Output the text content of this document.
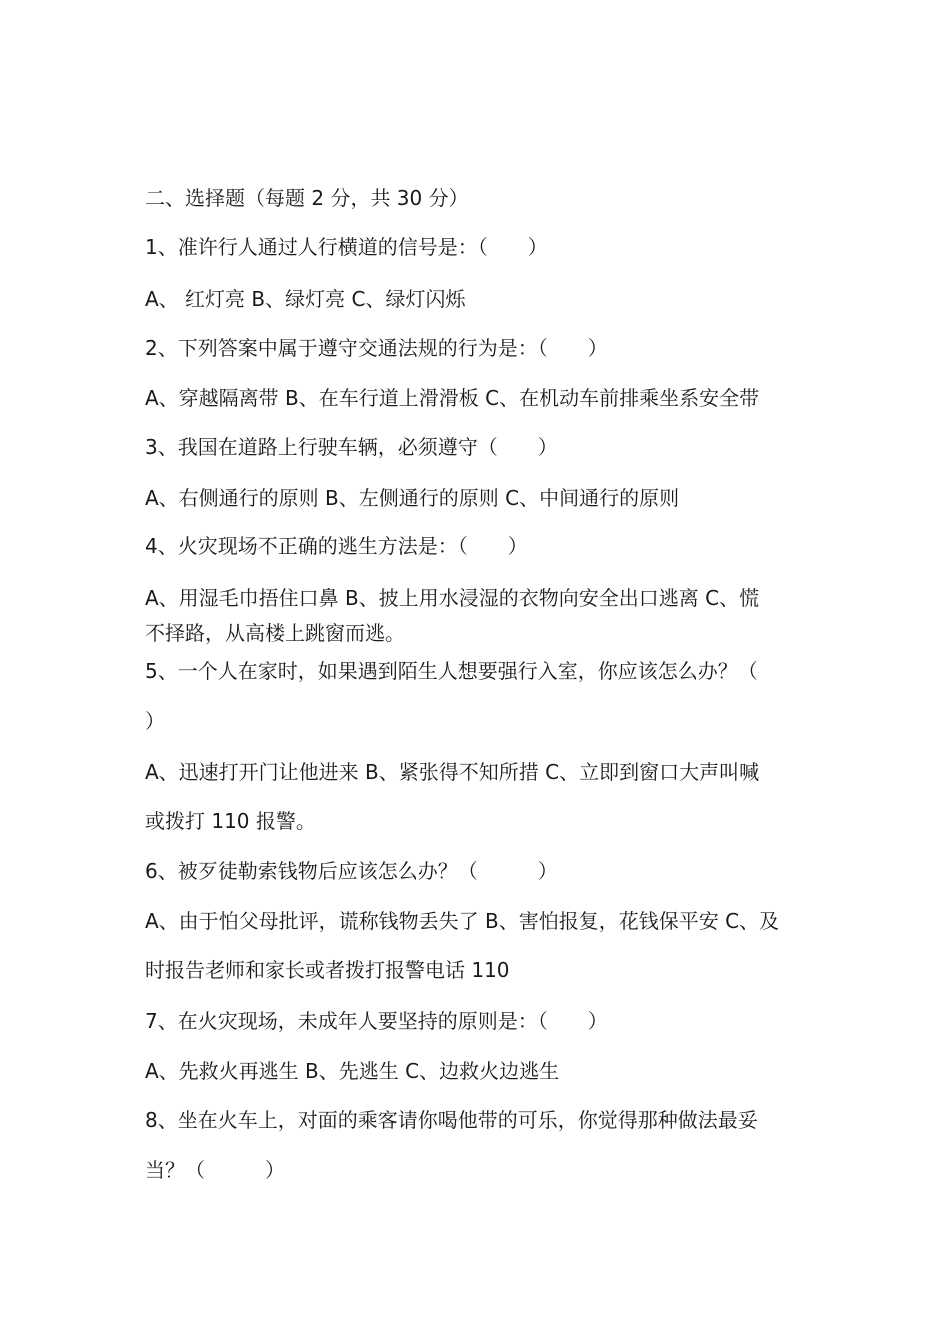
二、选择题（每题 2 分，共 30 分）
1、准许行人通过人行横道的信号是：（　　）
A、 红灯亮 B、绿灯亮 C、绿灯闪烁
2、下列答案中属于遵守交通法规的行为是：（　　）
A、穿越隔离带 B、在车行道上滑滑板 C、在机动车前排乘坐系安全带
3、我国在道路上行驶车辆，必须遵守（　　）
A、右侧通行的原则 B、左侧通行的原则 C、中间通行的原则
4、火灾现场不正确的逃生方法是：（　　）
A、用湿毛巾捂住口鼻 B、披上用水浸湿的衣物向安全出口逃离 C、慌
不择路，从高楼上跳窗而逃。
5、一个人在家时，如果遇到陌生人想要强行入室，你应该怎么办？（
）
A、迅速打开门让他进来 B、紧张得不知所措 C、立即到窗口大声叫喊
或拨打 110 报警。
6、被歹徒勒索钱物后应该怎么办？（　　　）
A、由于怕父母批评，谎称钱物丢失了 B、害怕报复，花钱保平安 C、及
时报告老师和家长或者拨打报警电话 110
7、在火灾现场，未成年人要坚持的原则是：（　　）
A、先救火再逃生 B、先逃生 C、边救火边逃生
8、坐在火车上，对面的乘客请你喝他带的可乐，你觉得那种做法最妥
当？（　　　）
